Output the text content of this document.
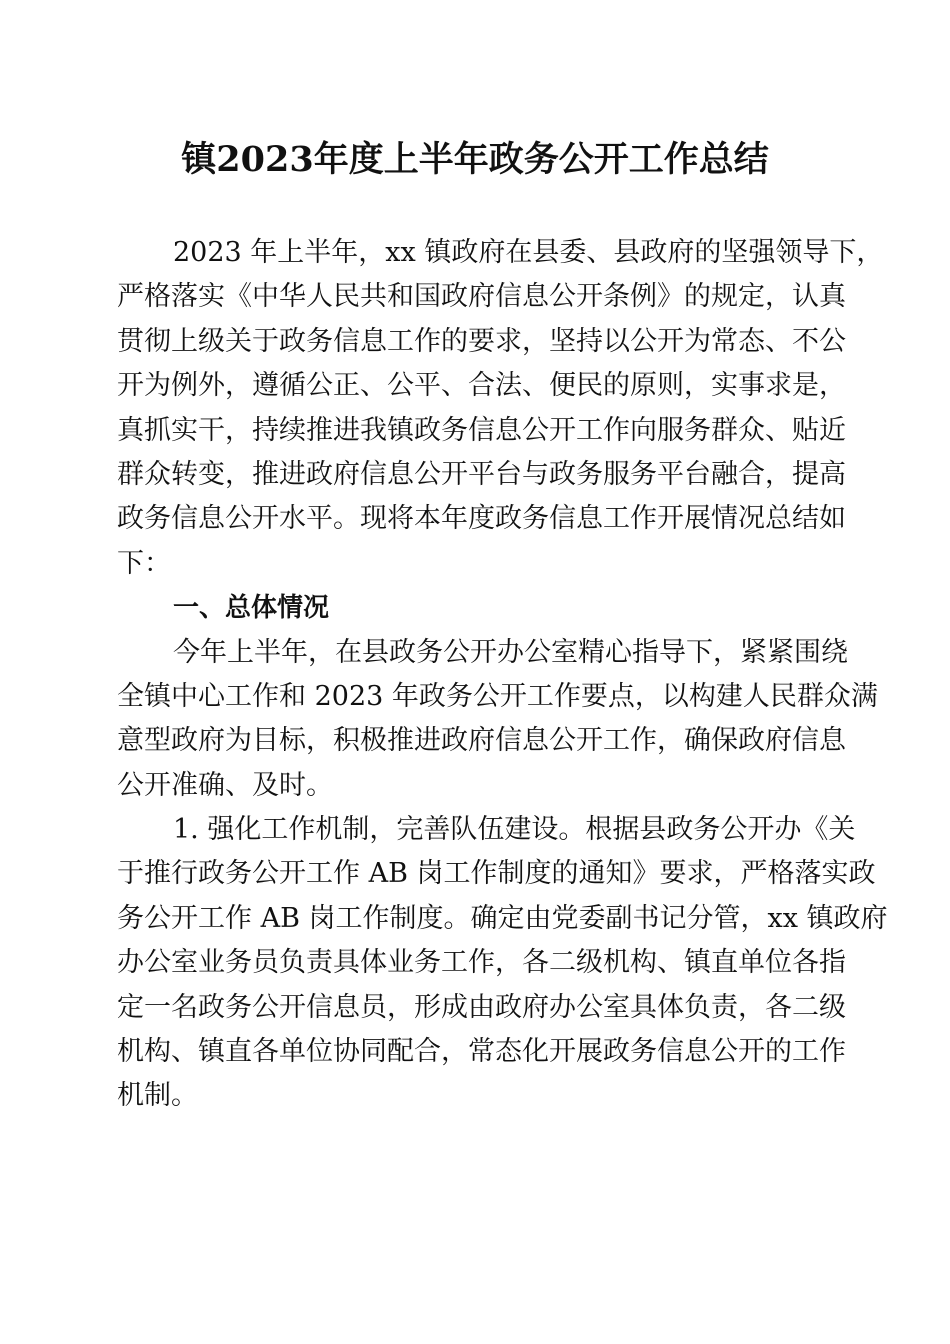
镇2023年度上半年政务公开工作总结
2023 年上半年，xx 镇政府在县委、县政府的坚强领导下，
严格落实《中华人民共和国政府信息公开条例》的规定，认真
贯彻上级关于政务信息工作的要求，坚持以公开为常态、不公
开为例外，遵循公正、公平、合法、便民的原则，实事求是，
真抓实干，持续推进我镇政务信息公开工作向服务群众、贴近
群众转变，推进政府信息公开平台与政务服务平台融合，提高
政务信息公开水平。现将本年度政务信息工作开展情况总结如
下：
一、总体情况
今年上半年，在县政务公开办公室精心指导下，紧紧围绕
全镇中心工作和 2023 年政务公开工作要点，以构建人民群众满
意型政府为目标，积极推进政府信息公开工作，确保政府信息
公开准确、及时。
1. 强化工作机制，完善队伍建设。根据县政务公开办《关
于推行政务公开工作 AB 岗工作制度的通知》要求，严格落实政
务公开工作 AB 岗工作制度。确定由党委副书记分管，xx 镇政府
办公室业务员负责具体业务工作，各二级机构、镇直单位各指
定一名政务公开信息员，形成由政府办公室具体负责，各二级
机构、镇直各单位协同配合，常态化开展政务信息公开的工作
机制。
